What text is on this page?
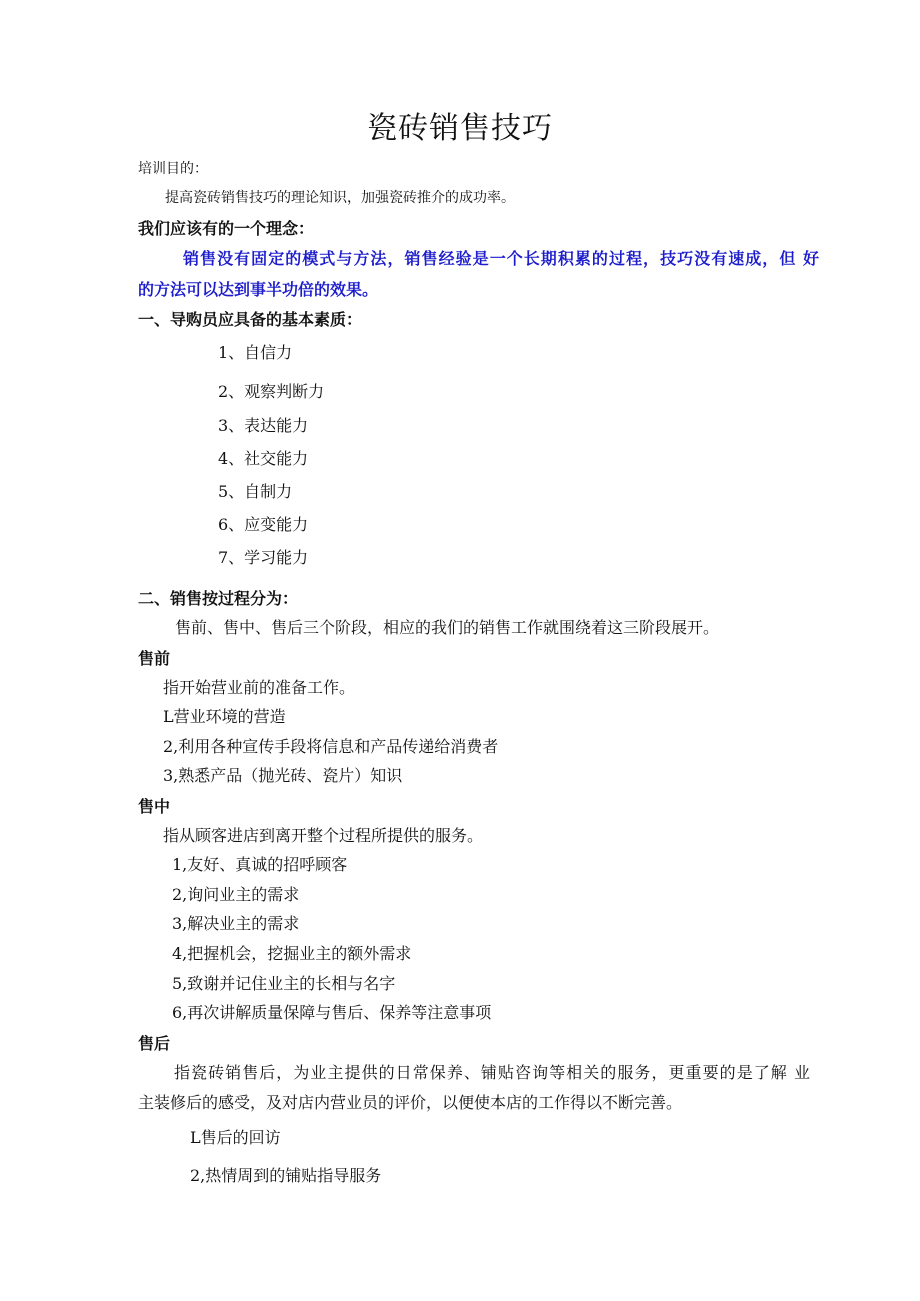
瓷砖销售技巧
培训目的：
提高瓷砖销售技巧的理论知识，加强瓷砖推介的成功率。
我们应该有的一个理念：
销售没有固定的模式与方法，销售经验是一个长期积累的过程，技巧没有速成，但 好
的方法可以达到事半功倍的效果。
一、导购员应具备的基本素质：
1、自信力
2、观察判断力
3、表达能力
4、社交能力
5、自制力
6、应变能力
7、学习能力
二、销售按过程分为：
售前、售中、售后三个阶段，相应的我们的销售工作就围绕着这三阶段展开。
售前
指开始营业前的准备工作。
L营业环境的营造
2,利用各种宣传手段将信息和产品传递给消费者
3,熟悉产品（抛光砖、瓷片）知识
售中
指从顾客进店到离开整个过程所提供的服务。
1,友好、真诚的招呼顾客
2,询问业主的需求
3,解决业主的需求
4,把握机会，挖掘业主的额外需求
5,致谢并记住业主的长相与名字
6,再次讲解质量保障与售后、保养等注意事项
售后
指瓷砖销售后，为业主提供的日常保养、铺贴咨询等相关的服务，更重要的是了解 业
主装修后的感受，及对店内营业员的评价，以便使本店的工作得以不断完善。
L售后的回访
2,热情周到的铺贴指导服务
